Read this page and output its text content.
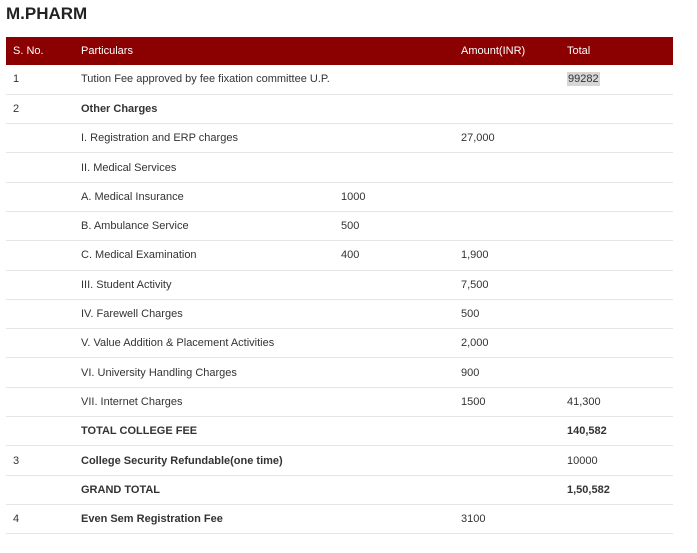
M.PHARM
S. No.	Particulars		Amount(INR)	Total
1	Tution Fee approved by fee fixation committee U.P.			99282
2	Other Charges			
	I. Registration and ERP charges		27,000	
	II. Medical Services			
	A. Medical Insurance	1000		
	B. Ambulance Service	500		
	C. Medical Examination	400	1,900	
	III. Student Activity		7,500	
	IV. Farewell Charges		500	
	V. Value Addition & Placement Activities		2,000	
	VI. University Handling Charges		900	
	VII. Internet Charges		1500	41,300
	TOTAL COLLEGE FEE			140,582
3	College Security Refundable(one time)			10000
	GRAND TOTAL			1,50,582
4	Even Sem Registration Fee		3100	
